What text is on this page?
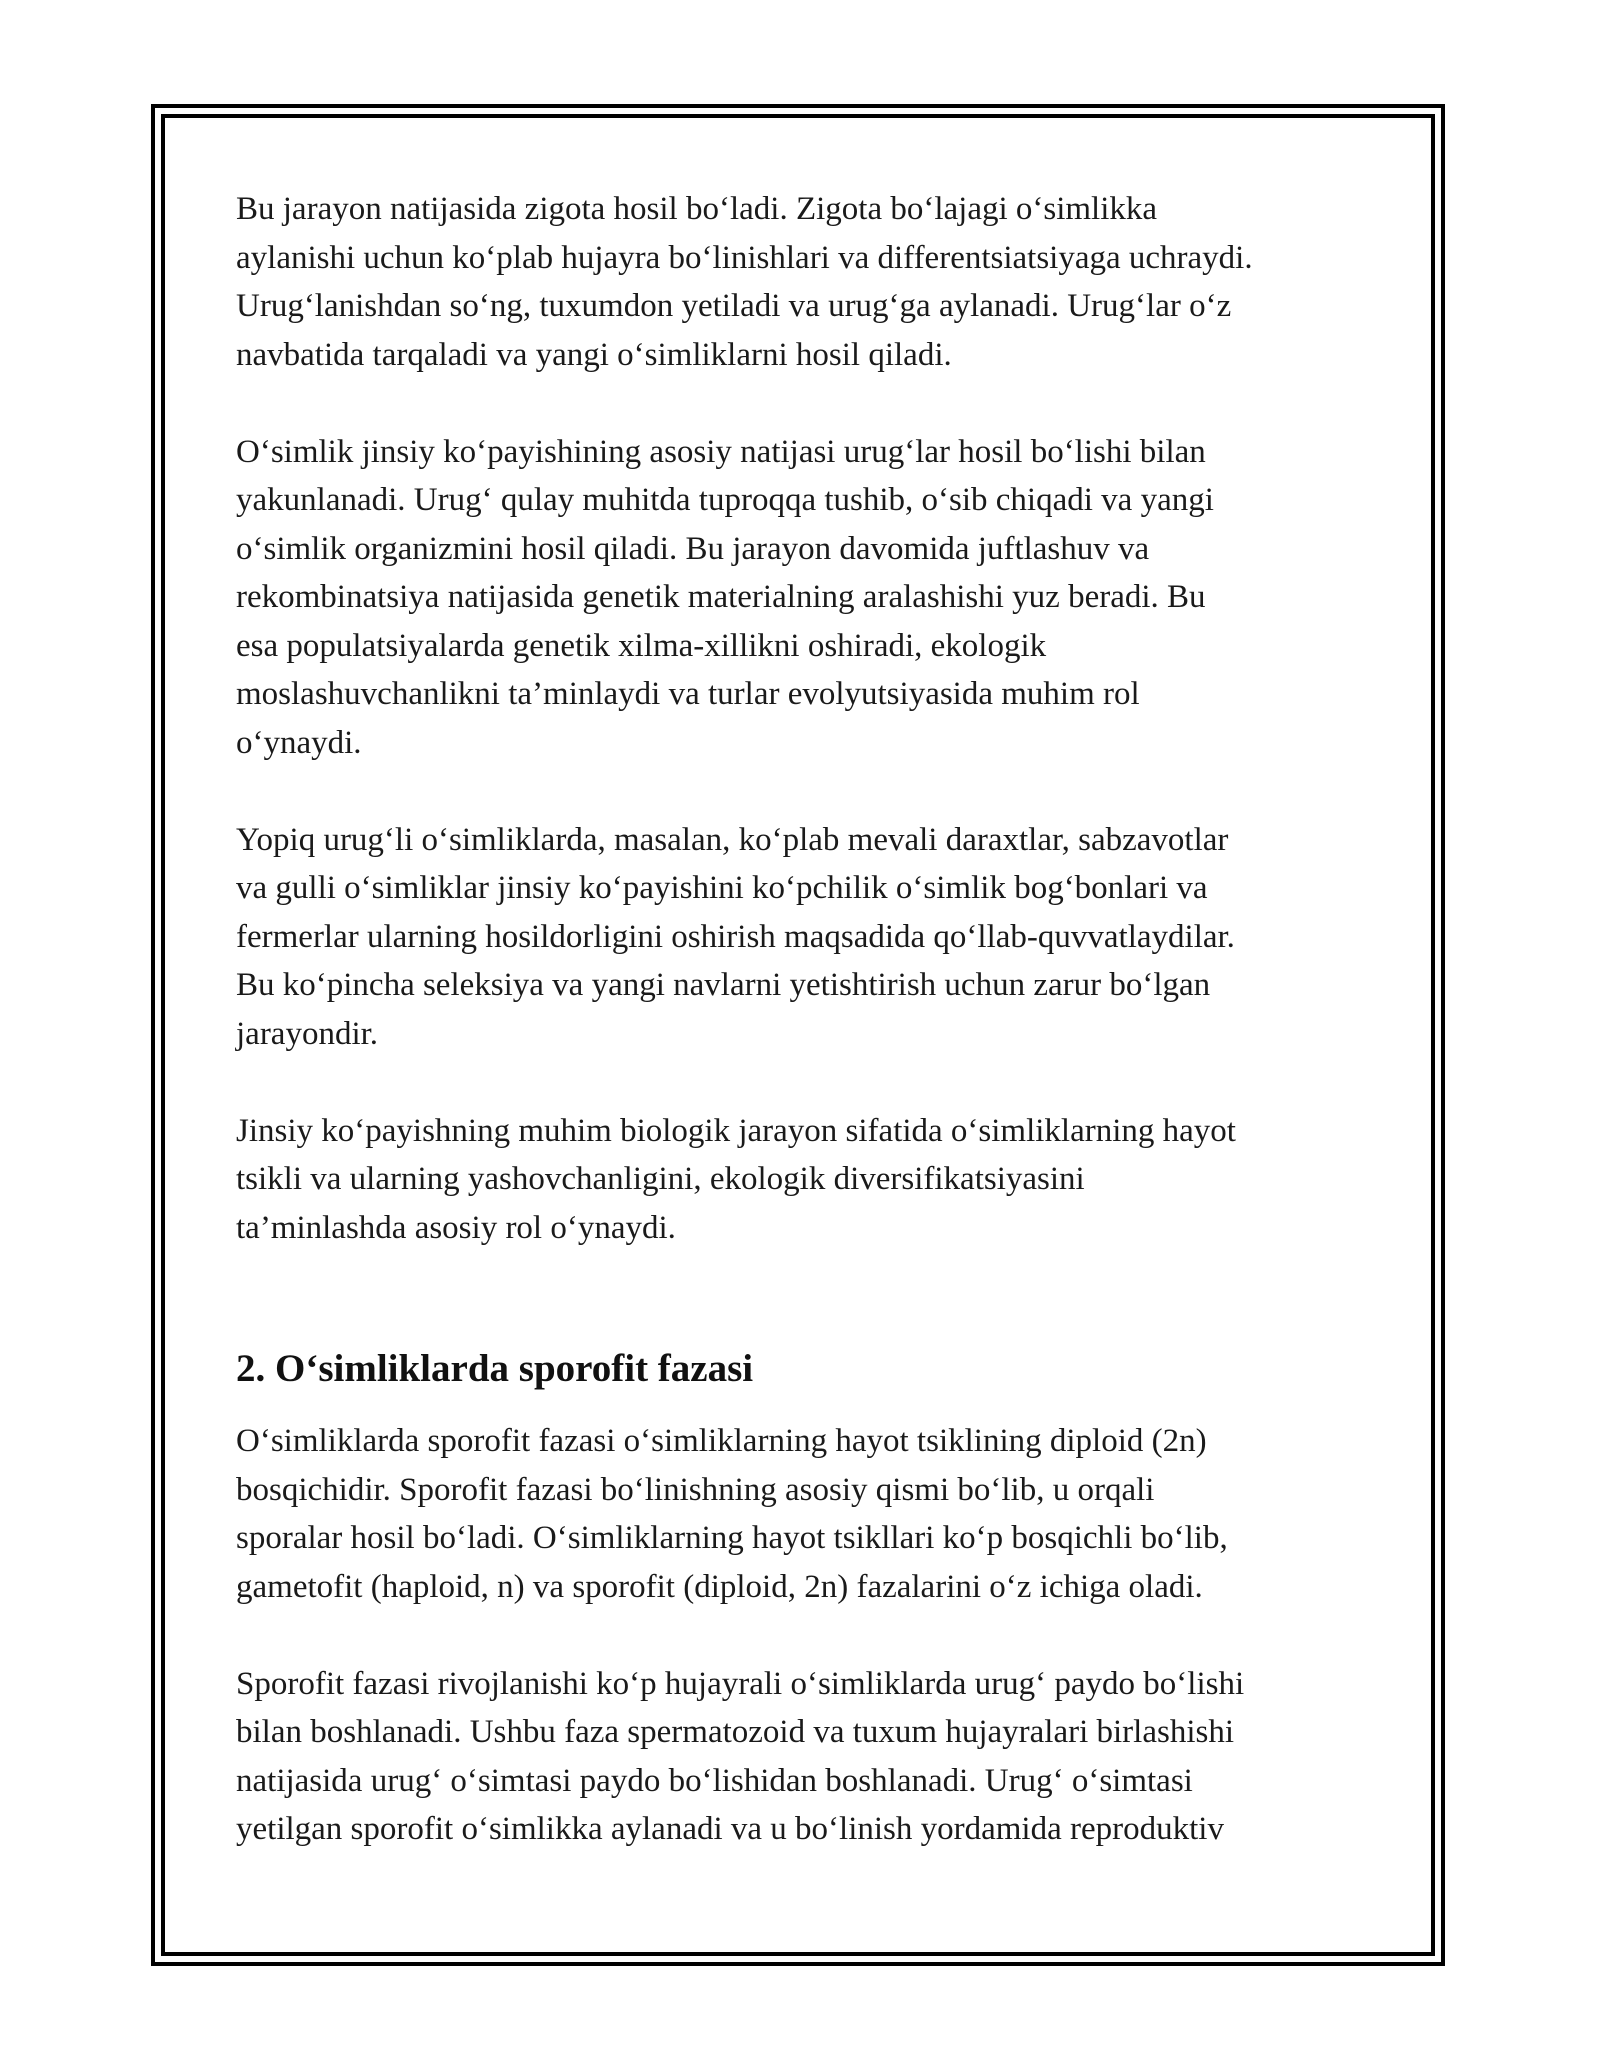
Bu jarayon natijasida zigota hosil bo‘ladi. Zigota bo‘lajagi o‘simlikka
aylanishi uchun ko‘plab hujayra bo‘linishlari va differentsiatsiyaga uchraydi.
Urug‘lanishdan so‘ng, tuxumdon yetiladi va urug‘ga aylanadi. Urug‘lar o‘z
navbatida tarqaladi va yangi o‘simliklarni hosil qiladi.

O‘simlik jinsiy ko‘payishining asosiy natijasi urug‘lar hosil bo‘lishi bilan
yakunlanadi. Urug‘ qulay muhitda tuproqqa tushib, o‘sib chiqadi va yangi
o‘simlik organizmini hosil qiladi. Bu jarayon davomida juftlashuv va
rekombinatsiya natijasida genetik materialning aralashishi yuz beradi. Bu
esa populatsiyalarda genetik xilma-xillikni oshiradi, ekologik
moslashuvchanlikni ta’minlaydi va turlar evolyutsiyasida muhim rol
o‘ynaydi.

Yopiq urug‘li o‘simliklarda, masalan, ko‘plab mevali daraxtlar, sabzavotlar
va gulli o‘simliklar jinsiy ko‘payishini ko‘pchilik o‘simlik bog‘bonlari va
fermerlar ularning hosildorligini oshirish maqsadida qo‘llab-quvvatlaydilar.
Bu ko‘pincha seleksiya va yangi navlarni yetishtirish uchun zarur bo‘lgan
jarayondir.

Jinsiy ko‘payishning muhim biologik jarayon sifatida o‘simliklarning hayot
tsikli va ularning yashovchanligini, ekologik diversifikatsiyasini
ta’minlashda asosiy rol o‘ynaydi.

2. O‘simliklarda sporofit fazasi

O‘simliklarda sporofit fazasi o‘simliklarning hayot tsiklining diploid (2n)
bosqichidir. Sporofit fazasi bo‘linishning asosiy qismi bo‘lib, u orqali
sporalar hosil bo‘ladi. O‘simliklarning hayot tsikllari ko‘p bosqichli bo‘lib,
gametofit (haploid, n) va sporofit (diploid, 2n) fazalarini o‘z ichiga oladi.

Sporofit fazasi rivojlanishi ko‘p hujayrali o‘simliklarda urug‘ paydo bo‘lishi
bilan boshlanadi. Ushbu faza spermatozoid va tuxum hujayralari birlashishi
natijasida urug‘ o‘simtasi paydo bo‘lishidan boshlanadi. Urug‘ o‘simtasi
yetilgan sporofit o‘simlikka aylanadi va u bo‘linish yordamida reproduktiv
